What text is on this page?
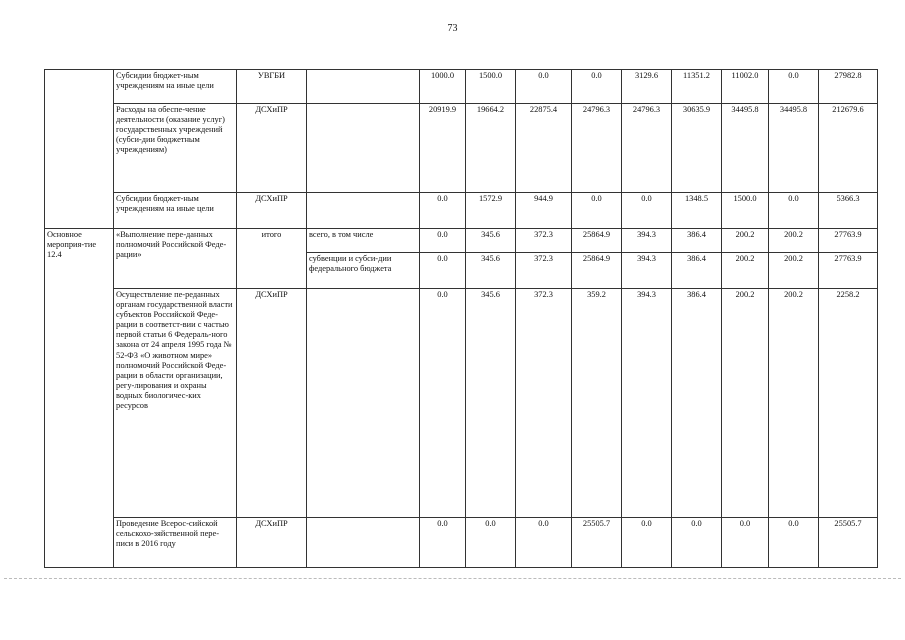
73
	Субсидии бюджет-ным учреждениям на иные цели	УВГБИ		1000.0	1500.0	0.0	0.0	3129.6	11351.2	11002.0	0.0	27982.8
	Расходы на обеспе-чение деятельности (оказание услуг) государственных учреждений (субси-дии бюджетным учреждениям)	ДСХиПР		20919.9	19664.2	22875.4	24796.3	24796.3	30635.9	34495.8	34495.8	212679.6
	Субсидии бюджет-ным учреждениям на иные цели	ДСХиПР		0.0	1572.9	944.9	0.0	0.0	1348.5	1500.0	0.0	5366.3
Основное мероприя-тие 12.4	«Выполнение пере-данных полномочий Российской Феде-рации»	итого	всего, в том числе	0.0	345.6	372.3	25864.9	394.3	386.4	200.2	200.2	27763.9
			субвенции и субси-дии федерального бюджета	0.0	345.6	372.3	25864.9	394.3	386.4	200.2	200.2	27763.9
	Осуществление пе-реданных органам государственной власти субъектов Российской Феде-рации в соответст-вии с частью первой статьи 6 Федераль-ного закона от 24 апреля 1995 года № 52-ФЗ «О животном мире» полномочий Российской Феде-рации в области организации, регу-лирования и охраны водных биологичес-ких ресурсов	ДСХиПР		0.0	345.6	372.3	359.2	394.3	386.4	200.2	200.2	2258.2
	Проведение Всерос-сийской сельскохо-зяйственной пере-писи в 2016 году	ДСХиПР		0.0	0.0	0.0	25505.7	0.0	0.0	0.0	0.0	25505.7
